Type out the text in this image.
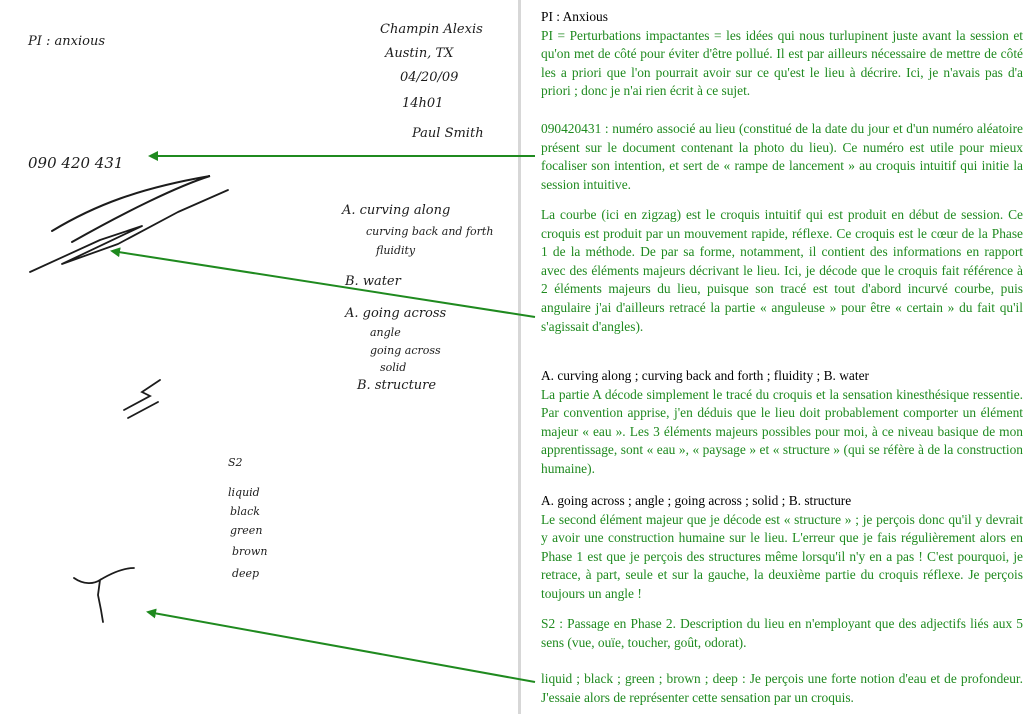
PI : anxious
Champin Alexis
Austin, TX
04/20/09
14h01
Paul Smith
090 420 431
A. curving along
curving back and forth
fluidity
B. water
A. going across
angle
going across
solid
B. structure
S2
liquid
black
green
brown
deep
PI : Anxious
PI = Perturbations impactantes = les idées qui nous turlupinent juste avant la session et qu'on met de côté pour éviter d'être pollué. Il est par ailleurs nécessaire de mettre de côté les a priori que l'on pourrait avoir sur ce qu'est le lieu à décrire. Ici, je n'avais pas d'a priori ; donc je n'ai rien écrit à ce sujet.
090420431 : numéro associé au lieu (constitué de la date du jour et d'un numéro aléatoire présent sur le document contenant la photo du lieu). Ce numéro est utile pour mieux focaliser son intention, et sert de « rampe de lancement » au croquis intuitif qui initie la session intuitive.
La courbe (ici en zigzag) est le croquis intuitif qui est produit en début de session. Ce croquis est produit par un mouvement rapide, réflexe. Ce croquis est le cœur de la Phase 1 de la méthode. De par sa forme, notamment, il contient des informations en rapport avec des éléments majeurs décrivant le lieu. Ici, je décode que le croquis fait référence à 2 éléments majeurs du lieu, puisque son tracé est tout d'abord incurvé courbe, puis angulaire j'ai d'ailleurs retracé la partie « anguleuse » pour être « certain » du fait qu'il s'agissait d'angles).
A. curving along ; curving back and forth ; fluidity ; B. water
La partie A décode simplement le tracé du croquis et la sensation kinesthésique ressentie. Par convention apprise, j'en déduis que le lieu doit probablement comporter un élément majeur « eau ». Les 3 éléments majeurs possibles pour moi, à ce niveau basique de mon apprentissage, sont « eau », « paysage » et « structure » (qui se réfère à de la construction humaine).
A. going across ; angle ; going across ; solid ; B. structure
Le second élément majeur que je décode est « structure » ; je perçois donc qu'il y devrait y avoir une construction humaine sur le lieu. L'erreur que je fais régulièrement alors en Phase 1 est que je perçois des structures même lorsqu'il n'y en a pas ! C'est pourquoi, je retrace, à part, seule et sur la gauche, la deuxième partie du croquis réflexe. Je perçois toujours un angle !
S2 : Passage en Phase 2. Description du lieu en n'employant que des adjectifs liés aux 5 sens (vue, ouïe, toucher, goût, odorat).
liquid ; black ; green ; brown ; deep : Je perçois une forte notion d'eau et de profondeur. J'essaie alors de représenter cette sensation par un croquis.
